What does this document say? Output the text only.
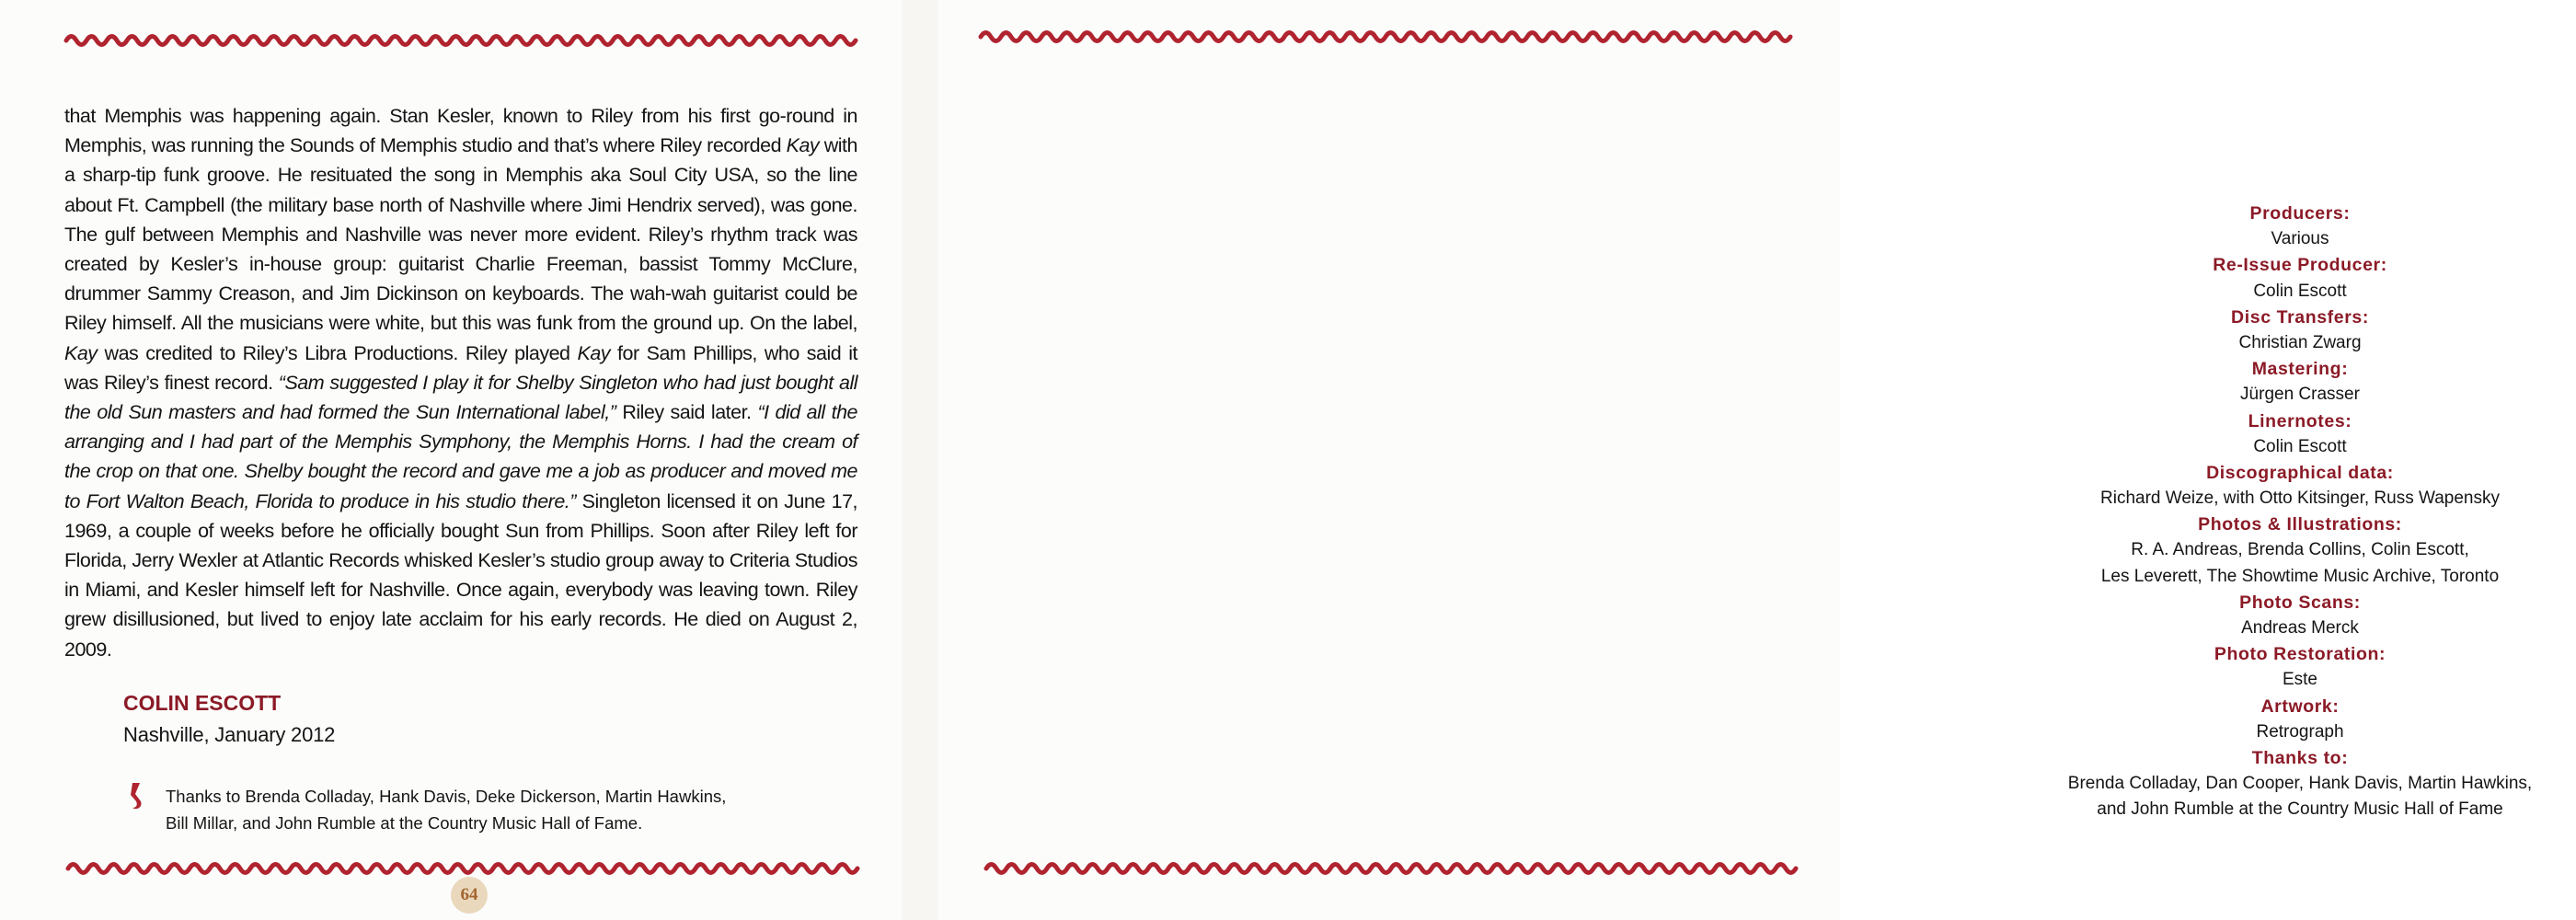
that Memphis was happening again. Stan Kesler, known to Riley from his first go-round in Memphis, was running the Sounds of Memphis studio and that’s where Riley recorded Kay with a sharp-tip funk groove. He resituated the song in Memphis aka Soul City USA, so the line about Ft. Campbell (the military base north of Nashville where Jimi Hendrix served), was gone. The gulf between Memphis and Nashville was never more evident. Riley’s rhythm track was created by Kesler’s in-house group: guitarist Charlie Freeman, bassist Tommy McClure, drummer Sammy Creason, and Jim Dickinson on keyboards. The wah-wah guitarist could be Riley himself. All the musicians were white, but this was funk from the ground up. On the label, Kay was credited to Riley’s Libra Productions. Riley played Kay for Sam Phillips, who said it was Riley’s finest record. “Sam suggested I play it for Shelby Singleton who had just bought all the old Sun masters and had formed the Sun International label,” Riley said later. “I did all the arranging and I had part of the Memphis Symphony, the Memphis Horns. I had the cream of the crop on that one. Shelby bought the record and gave me a job as producer and moved me to Fort Walton Beach, Florida to produce in his studio there.” Singleton licensed it on June 17, 1969, a couple of weeks before he officially bought Sun from Phillips. Soon after Riley left for Florida, Jerry Wexler at Atlantic Records whisked Kesler’s studio group away to Criteria Studios in Miami, and Kesler himself left for Nashville. Once again, everybody was leaving town. Riley grew disillusioned, but lived to enjoy late acclaim for his early records. He died on August 2, 2009.

COLIN ESCOTT
Nashville, January 2012
Thanks to Brenda Colladay, Hank Davis, Deke Dickerson, Martin Hawkins,
Bill Millar, and John Rumble at the Country Music Hall of Fame.
64
Producers:
Various
Re-Issue Producer:
Colin Escott
Disc Transfers:
Christian Zwarg
Mastering:
Jürgen Crasser
Linernotes:
Colin Escott
Discographical data:
Richard Weize, with Otto Kitsinger, Russ Wapensky
Photos & Illustrations:
R. A. Andreas, Brenda Collins, Colin Escott,
Les Leverett, The Showtime Music Archive, Toronto
Photo Scans:
Andreas Merck
Photo Restoration:
Este
Artwork:
Retrograph
Thanks to:
Brenda Colladay, Dan Cooper, Hank Davis, Martin Hawkins,
and John Rumble at the Country Music Hall of Fame
